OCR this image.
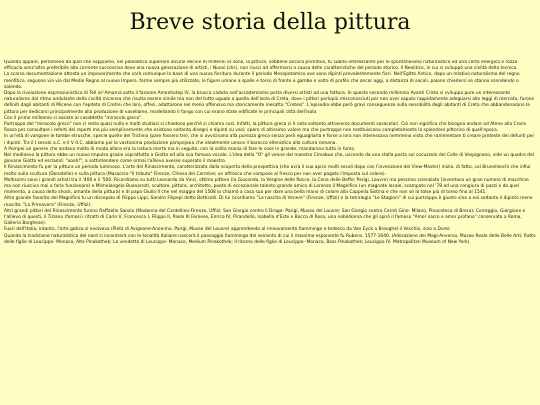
Breve storia della pittura

Quando appare, perlomeno da quel che sappiamo, nel paleolitico superiore alcune decine di millenni or sono, la pittura, sebbene ancora primitiva, fu subito interessante per lo spontaneismo naturalistico ed una certa energica e rozza efficacia senz'altro preferibile alla corrente successiva dove ana nuova generazione di artisti, i Nuovi Litici, non riusci ad affermarsi a causa delle caratteristiche del periodo storico. Il Neolitico, in cui si sviluppò una civiltà della tecnica.

La scarsa documentazione attesta un impoverimento che sarà comunque la base di una nuova fioritura durante il periodo Mesopotamico ove sono dipinti prevalentemente fiori. Nell'Egitto Antico, dopo un relativo naturalismo del regno menfitico, seguono via via dal Medio Regno al nuovo Impero, forme sempre più stilizzate, le figure umane a spalle e torso di fronte e gambe e volto di profilo che ancor oggi, a distanza di secoli, paiono chiedersi se stanno scendendo o salendo.

Dopo la rivoluzione espressionistica di Tell al-'Amarna sotto il faraone Amenhotep IV, la brusca caduta nell'accademismo porta diversi artisti ad una fattura. In questo secondo millennio Avanti Cristo si sviluppa pure un interessante naturalismo dal ritmo ondulante della civiltà micenea che risulta essere simile ma non del tutto uguale a quella dell'isola di Creta, dove i pittori perlopiù misconosciuti per non aver saputo rappidamente adeguarsi alle leggi di mercato, furono definiti dagli abitanti di Micene con l'epiteto di Cretini che loro, offesi, adattarono nel meno offensivo ma storicamente inesatto "Cretesi". L'episodio ebbe però gravi conseguenze sulla sensibilità degli abitanti di Creta che abbandonarono la pittura per dedicarsi principalmente alla produzione di vasellame, modellando il fango con cui erano state edificate le principali città dell'isola.

Con il primo millennio si assiste al cosiddetto "miracolo greco".

Purtroppo del "miracolo greco" non ci resta quasi nulla e molti studiosi si chiedono perché si chiama così. Infatti, la pittura greca ci è nota soltanto attraverso documenti vasacolari. Ciò non significa che bisogna andare ad Atene alla Croce Rossa per consultare i referti dei reperti ma più semplicemente che esistono soltanto disegni e dipinti su vasi; opere di altissimo valore ma che purtroppo non restituiscono completamente lo splendore pittorico di quell'epoca.

In un'età di vangone le tombe etrusche, specie quelle del Triclinio (pare fossero tre), che si avvicinano alla purezza greca senza però eguagliarla e forse a loro non interessava nemmeno visto che rammentare ti creare proteste dei defunti per i dipinti. Tra il I secolo a.C. e il V d.C. abbiamo poi la vastissima produzione pompejana che idealmente unisce il barocco ellenistico alla cultura romana.

A Pompei un genere che andava molto di moda allora era la natura morta ma in seguito, con la solita mania di fare le cose in grande, mandarono tutto in fumo.

Nel medioevo la pittura ebbe un nuovo impulso grazie soprattutto a Giotto ed alla sua famosa vocale. L'idea della "O" gli venne dal maestro Cimabue che, uscendo da una stalla posta sul cocuzzolo del Colle di Vespignano, vide un quadro del giovane Giotto ed esclamò: "oooh!", a sottintendere come ormai l'allievo avesse superato il maestro.

Il Rinascimento fu per la pittura un periodo luminoso. L'arte del Rinascimento, caratterizzata dalla scoperta della prospettiva (che avrà il suo apice molti secoli dopo con l'invenzione del View-Master) inizia, di fatto, col Brunelleschi che influì molto sulla scultura (Donatello) e sulla pittura (Masaccio-"Il tributo" Firenze, Chiesa del Carmine; un affresco che compose al fresco per non aver pagato l'imposta sul colore).

Moltissimi sono i grandi artisti tra il '400 e il '500. Ricordiamo su tutti Leonardo da Vinci, ottimo pittore (la Gioconda, la Vergine delle Rocce, la Cena delle Beffe; Parigi, Louvre) ma pessimo scienziato (inventava un gran numero di macchine ma non riusciva mai a farle funzionare) e Michelangelo Buonarroti, scultore, pittore, architetto, poeta di eccezionale talento grande amico di Lorenzo il Magnifico (un magnate locale, scampato nel '78 ad una congiura di pazzi e da quel momento, a causa dello shock, amante della pittura) e di papa Giulio II che nel maggio del 1508 lo chiamò a casa sua per dare una bella mano di colore alla Cappella Sistina e che non se lo tolse più di torno fino al 1541.

Altro grande favorito del Magnifico fu un discepolo di Filippo Lippi, Sandro Filipepi detto Botticelli. Di lui ricordiamo "La nascita di Venere" (Firenze, Uffizi) e la tetralogia "Le Stagioni" di cui purtroppo è giunto sino a noi soltanto il dipinto meno riuscito: "La Primavera" (Firenze, Uffizi).

Altri grandi pittori del Rinascimento furono Raffaello Sanzio (Madonna del Cardellino-Firenze, Uffizi; San Giorgio contro il Drago- Parigi, Museo del Louvre; San Giorgio contro Cernit Gino- Milano, Pinacoteca di Brera); Correggio, Giorgione e l'allievo di questi, il Tiziano (famosi i ritratti di Carlo V, Francesco I, Filippo II, Paolo III Farnese, Enrico IV, Pirandello, Isabella d'Este e Bocca di Rosa, una nobildonna che gli spirò il famoso "Amor sacro e amor profano" conservato a Roma, Galleria Borghese).

Fuori dell'Italia, intanto, l'arte gotica si evolveva (Pietà di Avignone-Anonimo, Parigi, Museo del Louvre) apprendendo al rinnovamento fiammingo e tedesco da Van Eyck a Breughel il Vecchio, sino a Durer.

Quando la tradizione naturalistica del nord si incontrerà con le tonalità italiane nascerà il paesaggio fiammingo del seicento di cui il massimo esponente fu Rubens, 1577-1640. (Adorazione dei Magi-Anversa, Museo Reale delle Belle Arti; Ratto delle figlie di Leucippo- Monaco, Alte Pinakothek; La vendetta di Leucippo- Monaco, Medium Pinakothek; Il ritorno delle figlie di Leucippo- Monaco, Bass Pinakothek; Leucippo IV- Metropolitan Museum of New York).
